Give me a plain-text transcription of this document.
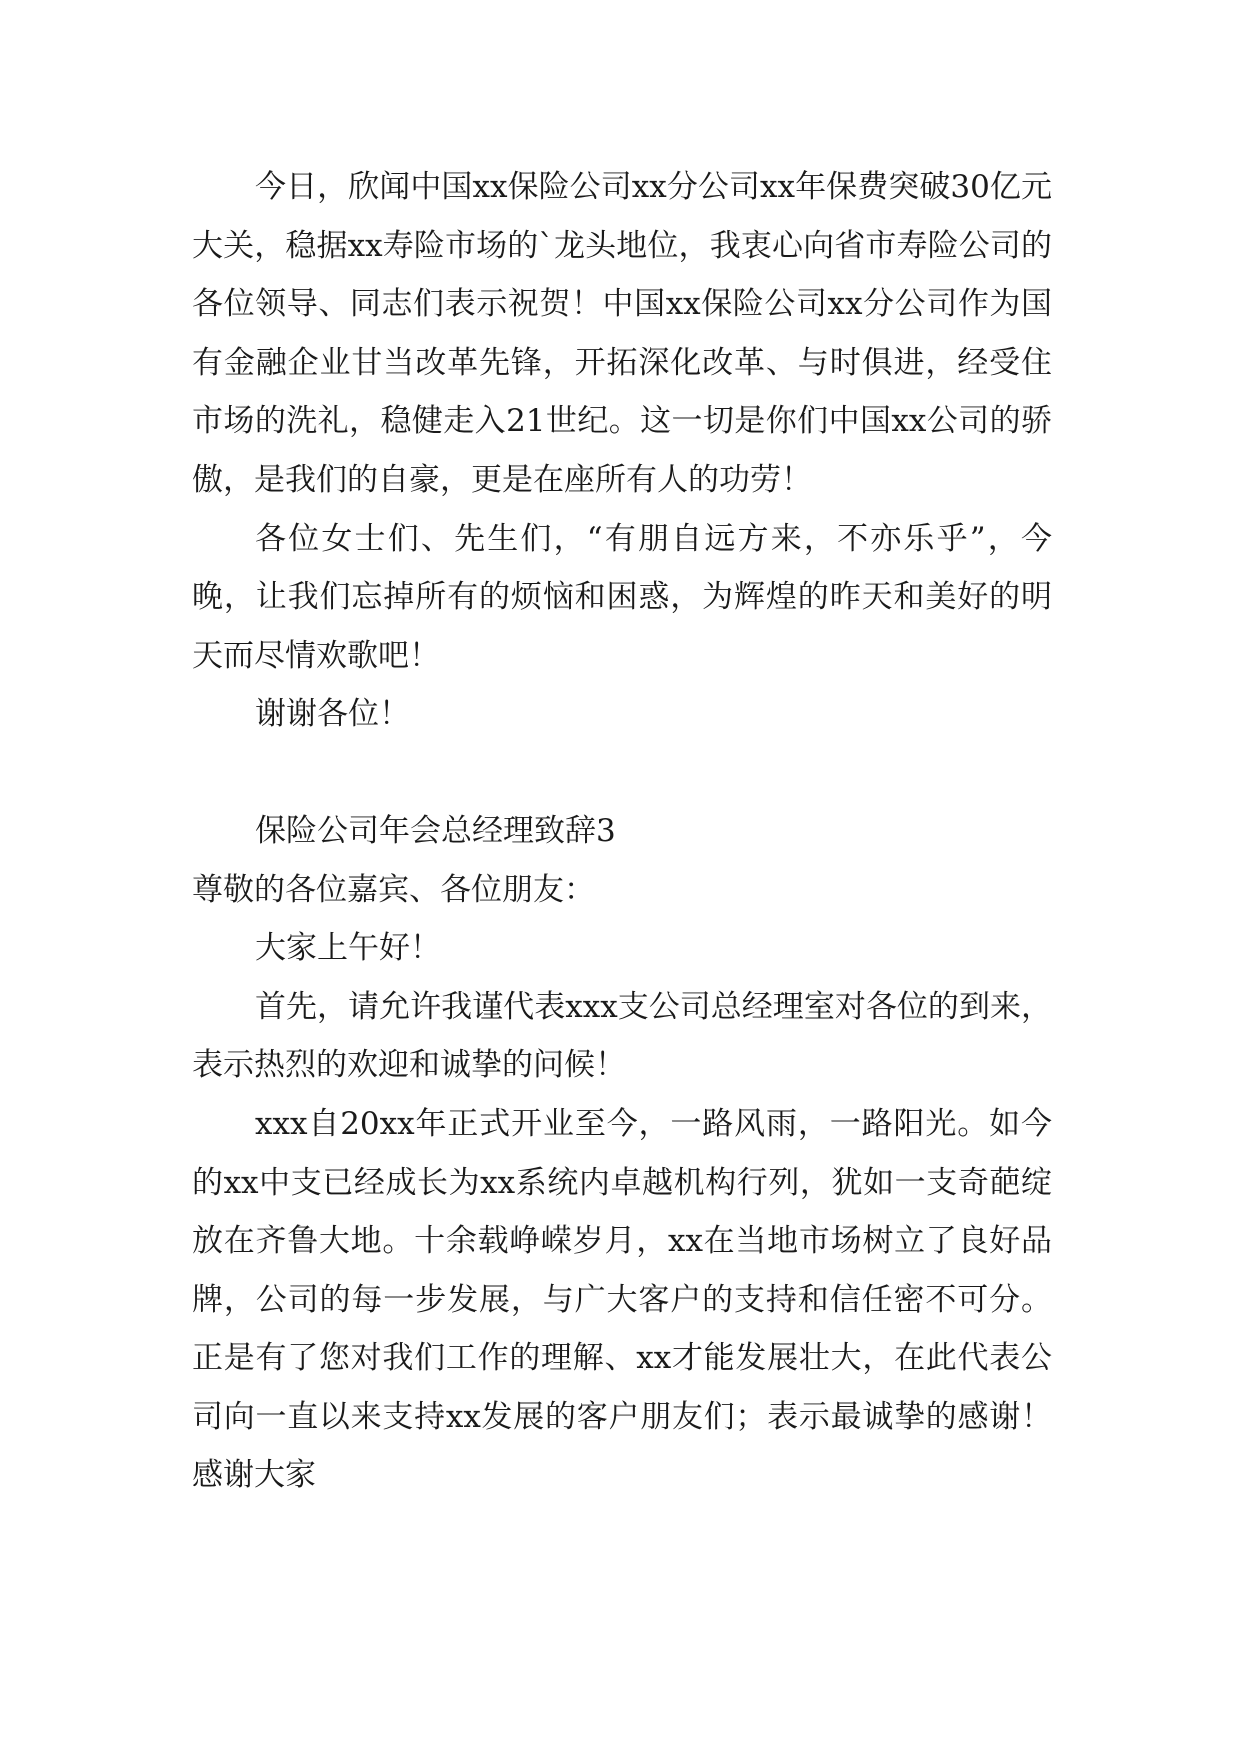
今日，欣闻中国xx保险公司xx分公司xx年保费突破30亿元大关，稳据xx寿险市场的`龙头地位，我衷心向省市寿险公司的各位领导、同志们表示祝贺！中国xx保险公司xx分公司作为国有金融企业甘当改革先锋，开拓深化改革、与时俱进，经受住市场的洗礼，稳健走入21世纪。这一切是你们中国xx公司的骄傲，是我们的自豪，更是在座所有人的功劳！

各位女士们、先生们，“有朋自远方来，不亦乐乎”，今晚，让我们忘掉所有的烦恼和困惑，为辉煌的昨天和美好的明天而尽情欢歌吧！

谢谢各位！

保险公司年会总经理致辞3

尊敬的各位嘉宾、各位朋友：

大家上午好！

首先，请允许我谨代表xxx支公司总经理室对各位的到来，表示热烈的欢迎和诚挚的问候！

xxx自20xx年正式开业至今，一路风雨，一路阳光。如今的xx中支已经成长为xx系统内卓越机构行列，犹如一支奇葩绽放在齐鲁大地。十余载峥嵘岁月，xx在当地市场树立了良好品牌，公司的每一步发展，与广大客户的支持和信任密不可分。正是有了您对我们工作的理解、xx才能发展壮大，在此代表公司向一直以来支持xx发展的客户朋友们；表示最诚挚的感谢！感谢大家
